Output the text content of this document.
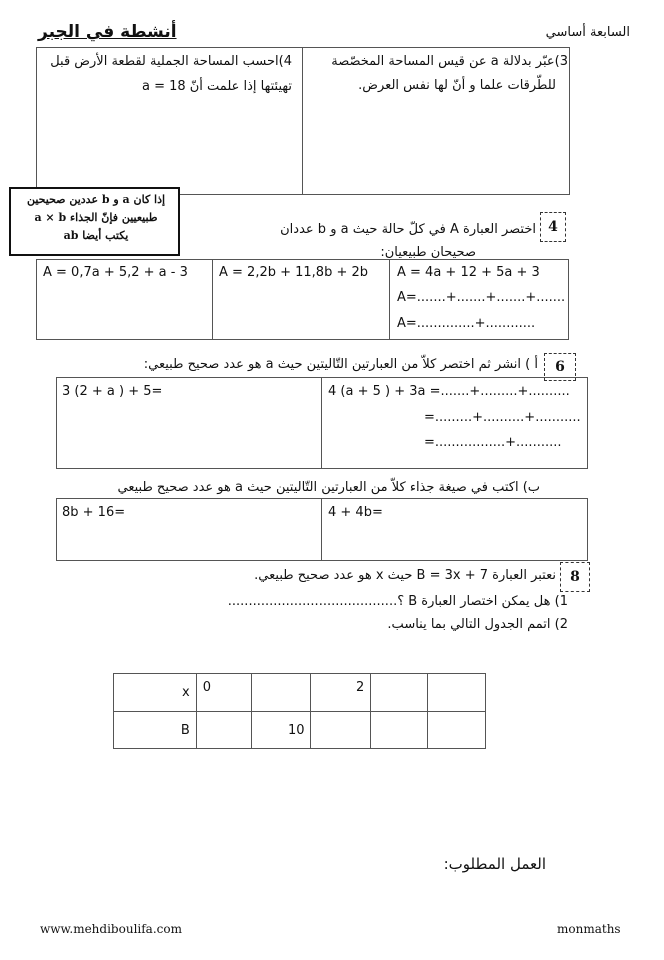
السابعة أساسي
أنشطة في الجبر
3)عبّر بدلالة a عن قيس المساحة المخصّصة
للطّرقات علما و أنّ لها نفس العرض.
4)احسب المساحة الجملية لقطعة الأرض قبل
تهيئتها إذا علمت أنّ
a = 18
إذا كان a و b عددين صحيحين
طبيعيين فإنّ الجذاء a × b
يكتب أيضا ab
4
اختصر العبارة A في كلّ حالة حيث a و b عددان
صحيحان طبيعيان:
A = 0,7a + 5,2 + a - 3 A = 2,2b + 11,8b + 2b A = 4a + 12 + 5a + 3
A=.......+.......+.......+.......
A=..............+............
6
أ ) انشر ثم اختصر كلاّ من العبارتين التّاليتين حيث a هو عدد صحيح طبيعي:
3 (2 + a ) + 5=	4 (a + 5 ) + 3a =.......+.........+..........
=.........+..........+...........
=.................+...........
ب) اكتب في صيغة جذاء كلاّ من العبارتين التّاليتين حيث a هو عدد صحيح طبيعي
8b + 16=	4 + 4b=
8
نعتبر العبارة B = 3x + 7 حيث x هو عدد صحيح طبيعي.
1) هل يمكن اختصار العبارة B ؟.........................................
2) اتمم الجدول التالي بما يناسب.
x	0		2		
B		10			
العمل المطلوب:
www.mehdiboulifa.com	monmaths
